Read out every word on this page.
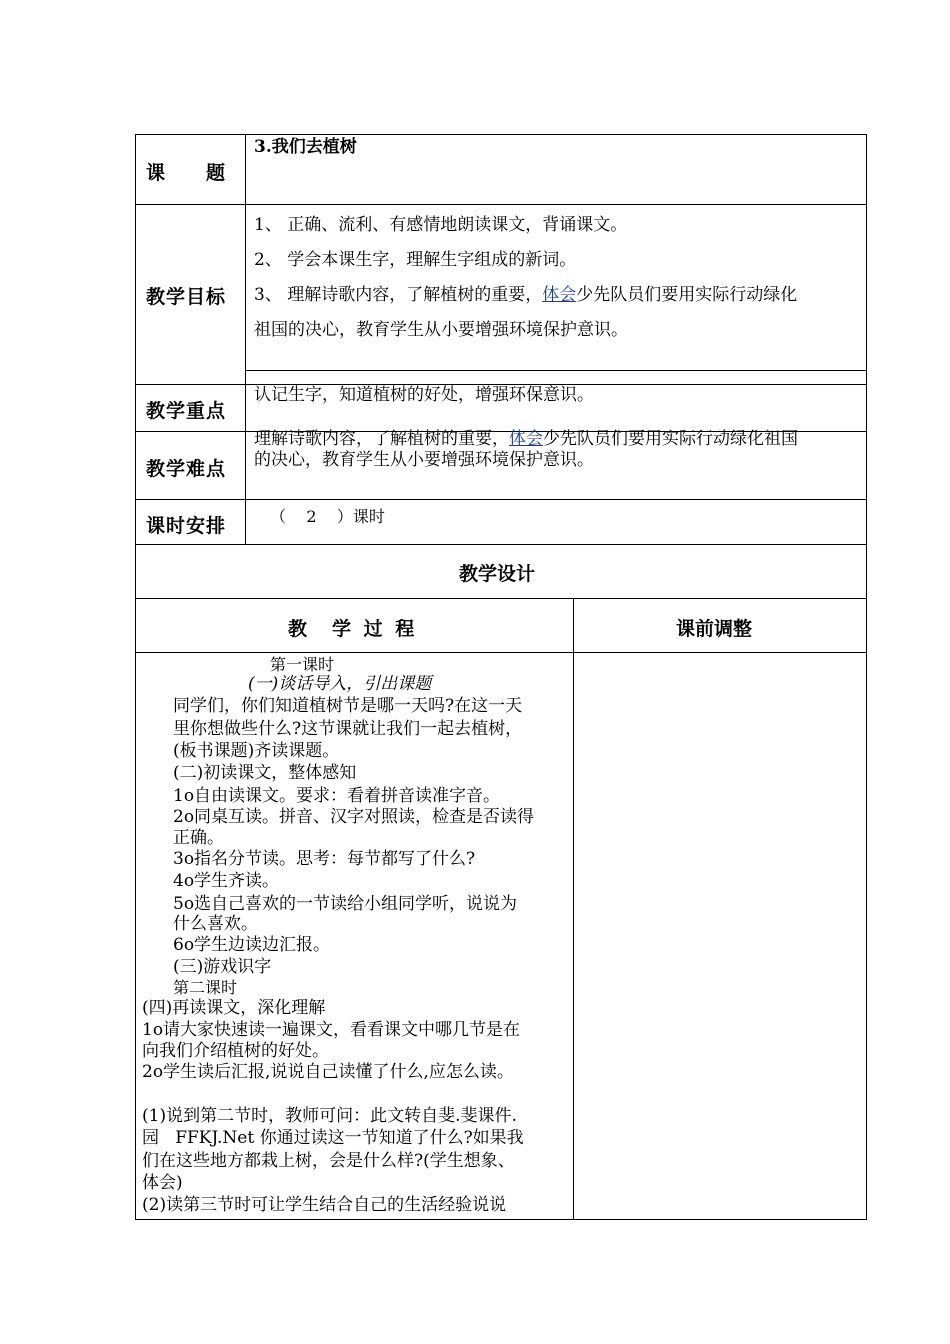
课　　题
3.我们去植树
教学目标
1、 正确、流利、有感情地朗读课文，背诵课文。
2、 学会本课生字，理解生字组成的新词。
3、 理解诗歌内容，了解植树的重要，体会少先队员们要用实际行动绿化
祖国的决心，教育学生从小要增强环境保护意识。
教学重点
认记生字，知道植树的好处，增强环保意识。
教学难点
理解诗歌内容，了解植树的重要，体会少先队员们要用实际行动绿化祖国
的决心，教育学生从小要增强环境保护意识。
课时安排	（    2    ）课时
教学设计
教　学 过 程	课前调整
第一课时
(一)谈话导入，引出课题
同学们，你们知道植树节是哪一天吗?在这一天
里你想做些什么?这节课就让我们一起去植树，
(板书课题)齐读课题。
(二)初读课文，整体感知
1o自由读课文。要求：看着拼音读准字音。
2o同桌互读。拼音、汉字对照读，检查是否读得
正确。
3o指名分节读。思考：每节都写了什么?
4o学生齐读。
5o选自己喜欢的一节读给小组同学听，说说为
什么喜欢。
6o学生边读边汇报。
(三)游戏识字
第二课时
(四)再读课文，深化理解
1o请大家快速读一遍课文，看看课文中哪几节是在
向我们介绍植树的好处。
2o学生读后汇报,说说自己读懂了什么,应怎么读。
(1)说到第二节时，教师可问：此文转自斐.斐课件.
园   FFKJ.Net 你通过读这一节知道了什么?如果我
们在这些地方都栽上树，会是什么样?(学生想象、
体会)
(2)读第三节时可让学生结合自己的生活经验说说
